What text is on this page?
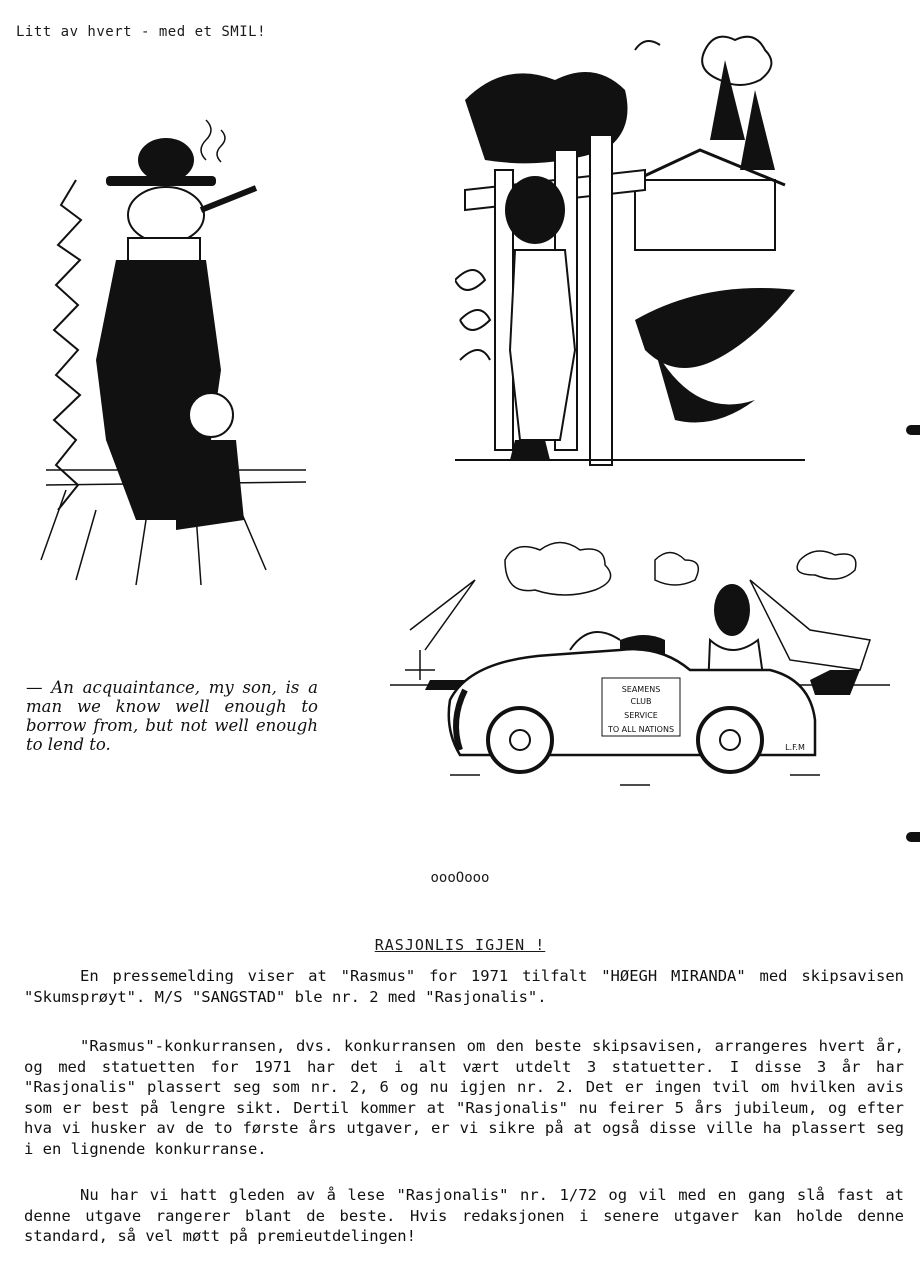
Litt av hvert - med et SMIL!
SEAMENS
CLUB
SERVICE
TO ALL NATIONS
L.F.M
— An acquaintance, my son, is a man we know well enough to borrow from, but not well enough to lend to.
oooOooo
RASJONLIS IGJEN !

En pressemelding viser at "Rasmus" for 1971 tilfalt "HØEGH MIRANDA" med skipsavisen "Skumsprøyt". M/S "SANGSTAD" ble nr. 2 med "Rasjonalis".

"Rasmus"-konkurransen, dvs. konkurransen om den beste skipsavisen, arrangeres hvert år, og med statuetten for 1971 har det i alt vært utdelt 3 statuetter. I disse 3 år har "Rasjonalis" plassert seg som nr. 2, 6 og nu igjen nr. 2. Det er ingen tvil om hvilken avis som er best på lengre sikt. Dertil kommer at "Rasjonalis" nu feirer 5 års jubileum, og efter hva vi husker av de to første års utgaver, er vi sikre på at også disse ville ha plassert seg i en lignende konkurranse.

Nu har vi hatt gleden av å lese "Rasjonalis" nr. 1/72 og vil med en gang slå fast at denne utgave rangerer blant de beste. Hvis redaksjonen i senere utgaver kan holde denne standard, så vel møtt på premieutdelingen!
